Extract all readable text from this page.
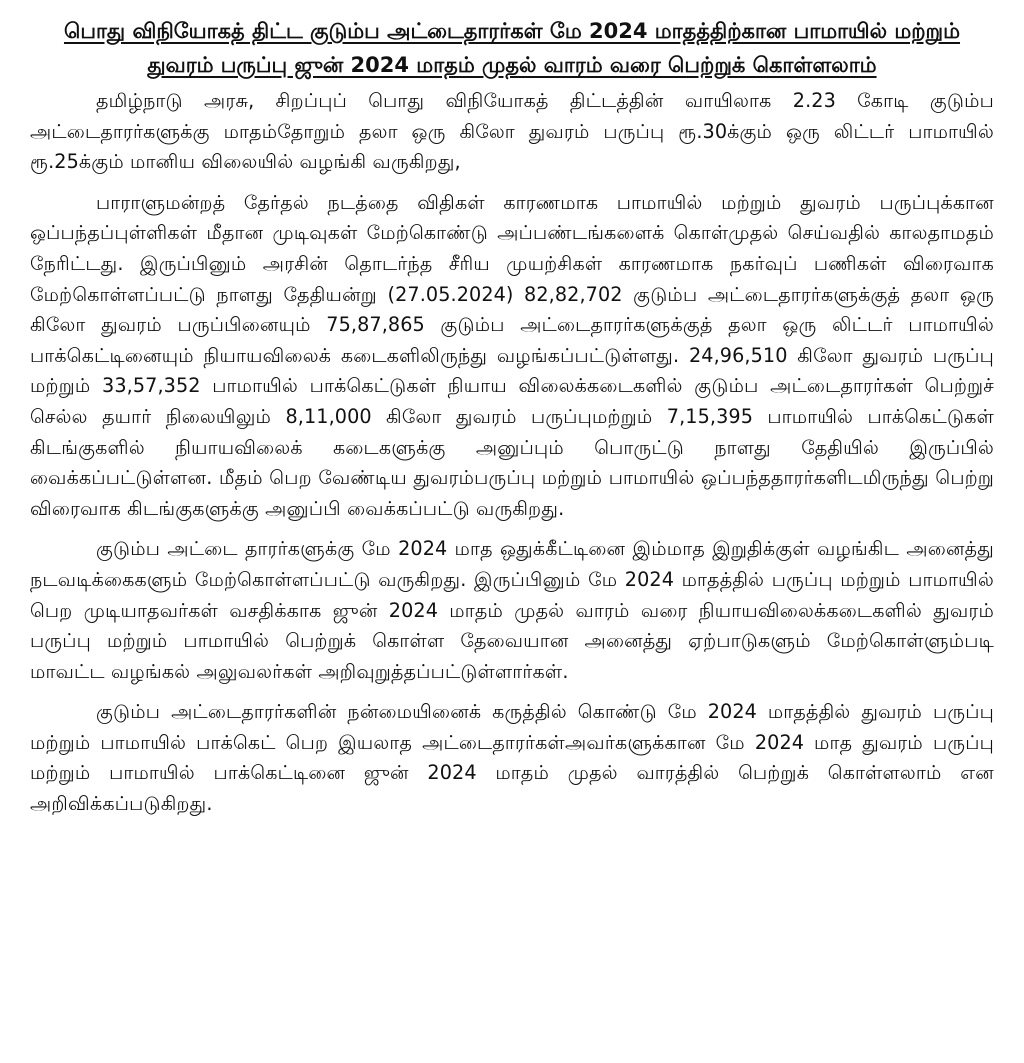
பொது விநியோகத் திட்ட குடும்ப அட்டைதாரர்கள் மே 2024 மாதத்திற்கான பாமாயில் மற்றும் துவரம் பருப்பு ஜுன் 2024 மாதம் முதல் வாரம் வரை பெற்றுக் கொள்ளலாம்

தமிழ்நாடு அரசு, சிறப்புப் பொது விநியோகத் திட்டத்தின் வாயிலாக 2.23 கோடி குடும்ப அட்டைதாரர்களுக்கு மாதம்தோறும் தலா ஒரு கிலோ துவரம் பருப்பு ரூ.30க்கும் ஒரு லிட்டர் பாமாயில் ரூ.25க்கும் மானிய விலையில் வழங்கி வருகிறது,

பாராளுமன்றத் தேர்தல் நடத்தை விதிகள் காரணமாக பாமாயில் மற்றும் துவரம் பருப்புக்கான ஒப்பந்தப்புள்ளிகள் மீதான முடிவுகள் மேற்கொண்டு அப்பண்டங்களைக் கொள்முதல் செய்வதில் காலதாமதம் நேரிட்டது. இருப்பினும் அரசின் தொடர்ந்த சீரிய முயற்சிகள் காரணமாக நகர்வுப் பணிகள் விரைவாக மேற்கொள்ளப்பட்டு நாளது தேதியன்று (27.05.2024) 82,82,702 குடும்ப அட்டைதாரர்களுக்குத் தலா ஒரு கிலோ துவரம் பருப்பினையும் 75,87,865 குடும்ப அட்டைதாரர்களுக்குத் தலா ஒரு லிட்டர் பாமாயில் பாக்கெட்டினையும் நியாயவிலைக் கடைகளிலிருந்து வழங்கப்பட்டுள்ளது. 24,96,510 கிலோ துவரம் பருப்பு மற்றும் 33,57,352 பாமாயில் பாக்கெட்டுகள் நியாய விலைக்கடைகளில் குடும்ப அட்டைதாரர்கள் பெற்றுச் செல்ல தயார் நிலையிலும் 8,11,000 கிலோ துவரம் பருப்புமற்றும் 7,15,395 பாமாயில் பாக்கெட்டுகள் கிடங்குகளில் நியாயவிலைக் கடைகளுக்கு அனுப்பும் பொருட்டு நாளது தேதியில் இருப்பில் வைக்கப்பட்டுள்ளன. மீதம் பெற வேண்டிய துவரம்பருப்பு மற்றும் பாமாயில் ஒப்பந்ததாரர்களிடமிருந்து பெற்று விரைவாக கிடங்குகளுக்கு அனுப்பி வைக்கப்பட்டு வருகிறது.

குடும்ப அட்டை தாரர்களுக்கு மே 2024 மாத ஒதுக்கீட்டினை இம்மாத இறுதிக்குள் வழங்கிட அனைத்து நடவடிக்கைகளும் மேற்கொள்ளப்பட்டு வருகிறது. இருப்பினும் மே 2024 மாதத்தில் பருப்பு மற்றும் பாமாயில் பெற முடியாதவர்கள் வசதிக்காக ஜுன் 2024 மாதம் முதல் வாரம் வரை நியாயவிலைக்கடைகளில் துவரம் பருப்பு மற்றும் பாமாயில் பெற்றுக் கொள்ள தேவையான அனைத்து ஏற்பாடுகளும் மேற்கொள்ளும்படி மாவட்ட வழங்கல் அலுவலர்கள் அறிவுறுத்தப்பட்டுள்ளார்கள்.

குடும்ப அட்டைதாரர்களின் நன்மையினைக் கருத்தில் கொண்டு மே 2024 மாதத்தில் துவரம் பருப்பு மற்றும் பாமாயில் பாக்கெட் பெற இயலாத அட்டைதாரர்கள்அவர்களுக்கான மே 2024 மாத துவரம் பருப்பு மற்றும் பாமாயில் பாக்கெட்டினை ஜுன் 2024 மாதம் முதல் வாரத்தில் பெற்றுக் கொள்ளலாம் என அறிவிக்கப்படுகிறது.
